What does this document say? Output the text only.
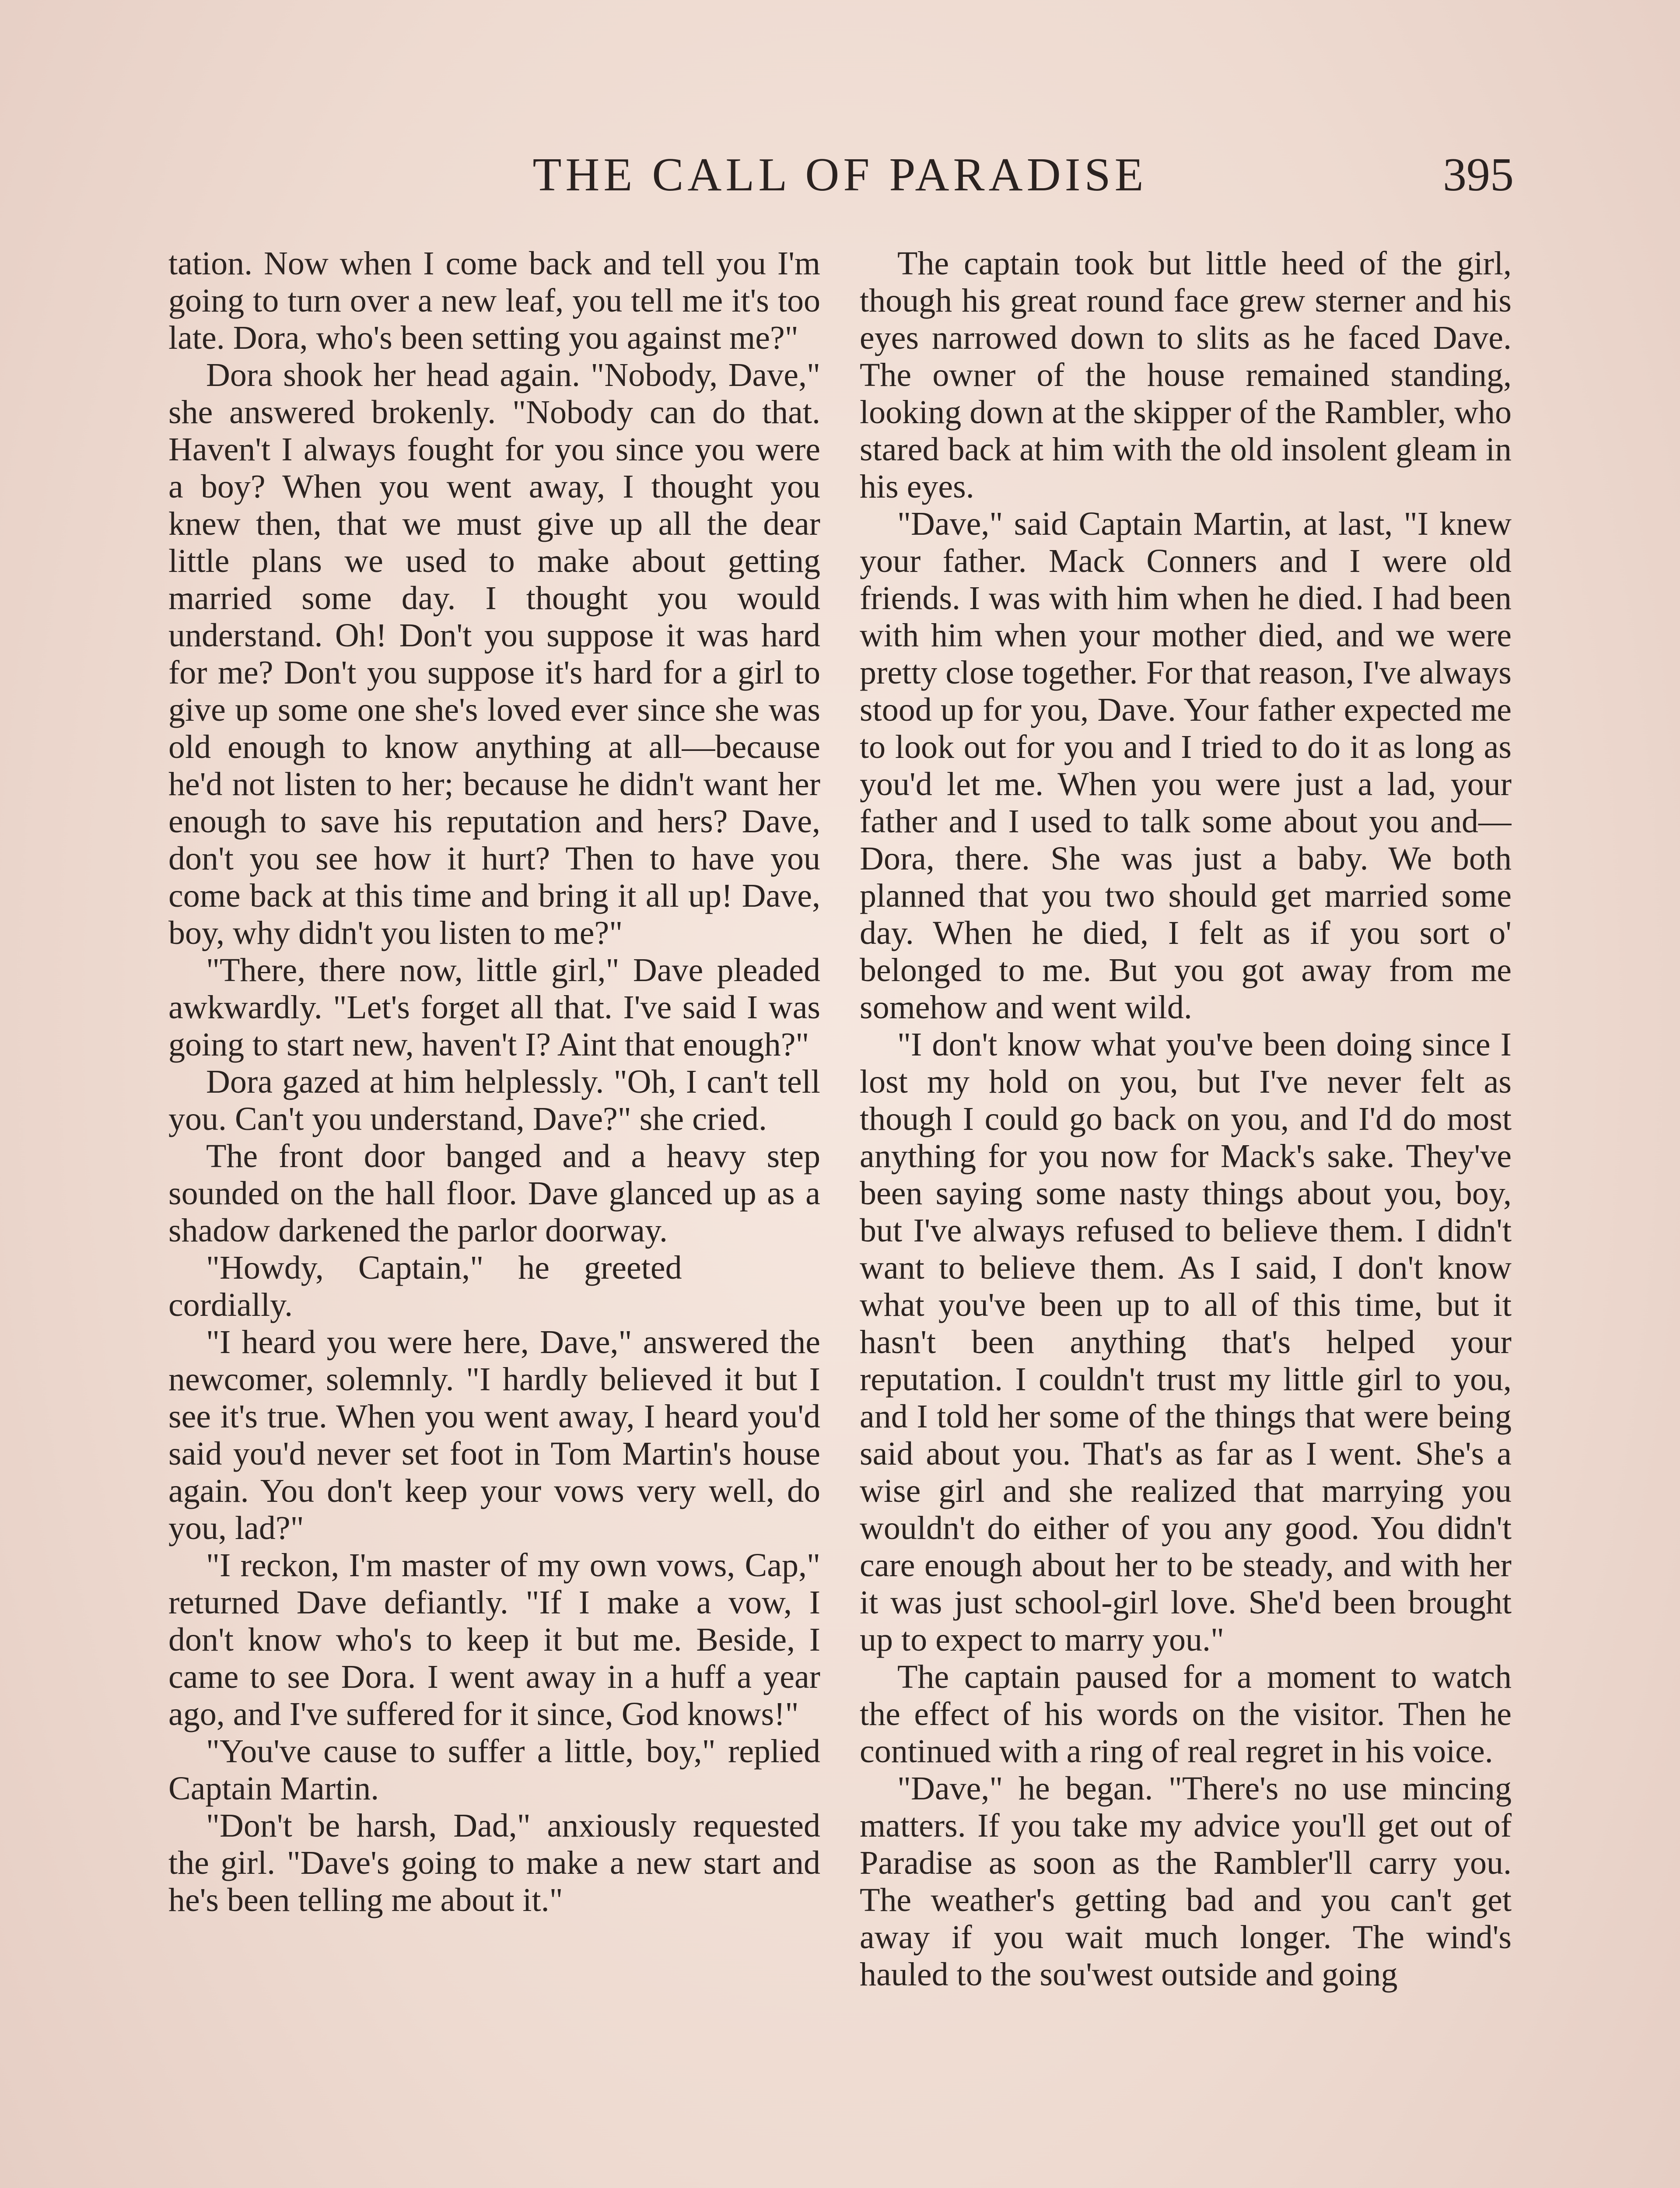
THE CALL OF PARADISE	395

tation. Now when I come back and tell you I'm going to turn over a new leaf, you tell me it's too late. Dora, who's been setting you against me?"

Dora shook her head again. "Nobody, Dave," she answered brokenly. "Nobody can do that. Haven't I always fought for you since you were a boy? When you went away, I thought you knew then, that we must give up all the dear little plans we used to make about getting married some day. I thought you would understand. Oh! Don't you suppose it was hard for me? Don't you suppose it's hard for a girl to give up some one she's loved ever since she was old enough to know anything at all—because he'd not listen to her; because he didn't want her enough to save his reputation and hers? Dave, don't you see how it hurt? Then to have you come back at this time and bring it all up! Dave, boy, why didn't you listen to me?"

"There, there now, little girl," Dave pleaded awkwardly. "Let's forget all that. I've said I was going to start new, haven't I? Aint that enough?"

Dora gazed at him helplessly. "Oh, I can't tell you. Can't you understand, Dave?" she cried.

The front door banged and a heavy step sounded on the hall floor. Dave glanced up as a shadow darkened the parlor doorway.

"Howdy, Captain," he greeted cordially.

"I heard you were here, Dave," answered the newcomer, solemnly. "I hardly believed it but I see it's true. When you went away, I heard you'd said you'd never set foot in Tom Martin's house again. You don't keep your vows very well, do you, lad?"

"I reckon, I'm master of my own vows, Cap," returned Dave defiantly. "If I make a vow, I don't know who's to keep it but me. Beside, I came to see Dora. I went away in a huff a year ago, and I've suffered for it since, God knows!"

"You've cause to suffer a little, boy," replied Captain Martin.

"Don't be harsh, Dad," anxiously requested the girl. "Dave's going to make a new start and he's been telling me about it."

The captain took but little heed of the girl, though his great round face grew sterner and his eyes narrowed down to slits as he faced Dave. The owner of the house remained standing, looking down at the skipper of the Rambler, who stared back at him with the old insolent gleam in his eyes.

"Dave," said Captain Martin, at last, "I knew your father. Mack Conners and I were old friends. I was with him when he died. I had been with him when your mother died, and we were pretty close together. For that reason, I've always stood up for you, Dave. Your father expected me to look out for you and I tried to do it as long as you'd let me. When you were just a lad, your father and I used to talk some about you and—Dora, there. She was just a baby. We both planned that you two should get married some day. When he died, I felt as if you sort o' belonged to me. But you got away from me somehow and went wild.

"I don't know what you've been doing since I lost my hold on you, but I've never felt as though I could go back on you, and I'd do most anything for you now for Mack's sake. They've been saying some nasty things about you, boy, but I've always refused to believe them. I didn't want to believe them. As I said, I don't know what you've been up to all of this time, but it hasn't been anything that's helped your reputation. I couldn't trust my little girl to you, and I told her some of the things that were being said about you. That's as far as I went. She's a wise girl and she realized that marrying you wouldn't do either of you any good. You didn't care enough about her to be steady, and with her it was just school-girl love. She'd been brought up to expect to marry you."

The captain paused for a moment to watch the effect of his words on the visitor. Then he continued with a ring of real regret in his voice.

"Dave," he began. "There's no use mincing matters. If you take my advice you'll get out of Paradise as soon as the Rambler'll carry you. The weather's getting bad and you can't get away if you wait much longer. The wind's hauled to the sou'west outside and going
